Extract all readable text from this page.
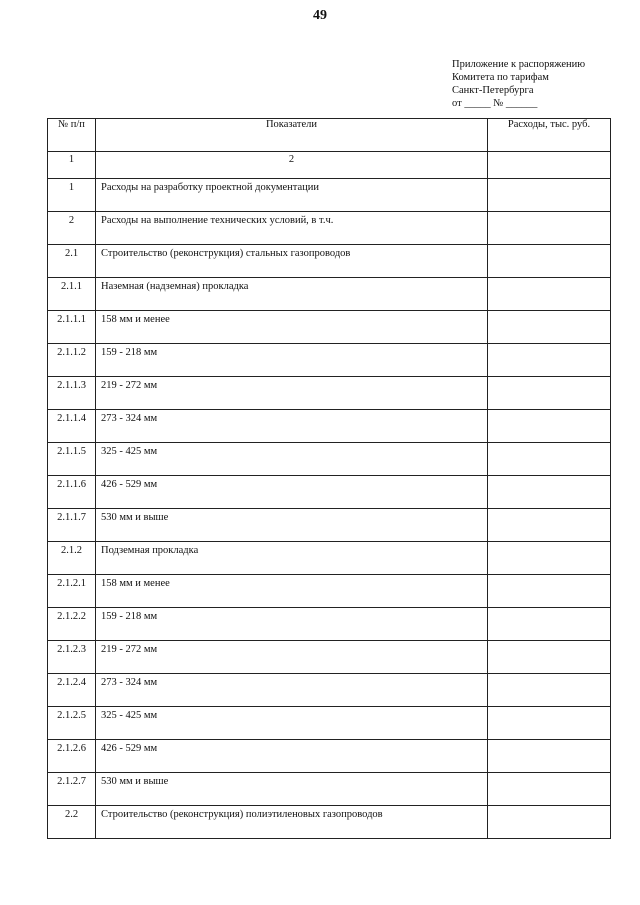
49
Приложение к распоряжению
Комитета по тарифам
Санкт-Петербурга
от _____ № ______
№ п/п	Показатели	Расходы, тыс. руб.
1	2	
1	Расходы на разработку проектной документации	
2	Расходы на выполнение технических условий, в т.ч.	
2.1	Строительство (реконструкция) стальных газопроводов	
2.1.1	Наземная (надземная) прокладка	
2.1.1.1	158 мм и менее	
2.1.1.2	159 - 218 мм	
2.1.1.3	219 - 272 мм	
2.1.1.4	273 - 324 мм	
2.1.1.5	325 - 425 мм	
2.1.1.6	426 - 529 мм	
2.1.1.7	530 мм и выше	
2.1.2	Подземная прокладка	
2.1.2.1	158 мм и менее	
2.1.2.2	159 - 218 мм	
2.1.2.3	219 - 272 мм	
2.1.2.4	273 - 324 мм	
2.1.2.5	325 - 425 мм	
2.1.2.6	426 - 529 мм	
2.1.2.7	530 мм и выше	
2.2	Строительство (реконструкция) полиэтиленовых газопроводов	
